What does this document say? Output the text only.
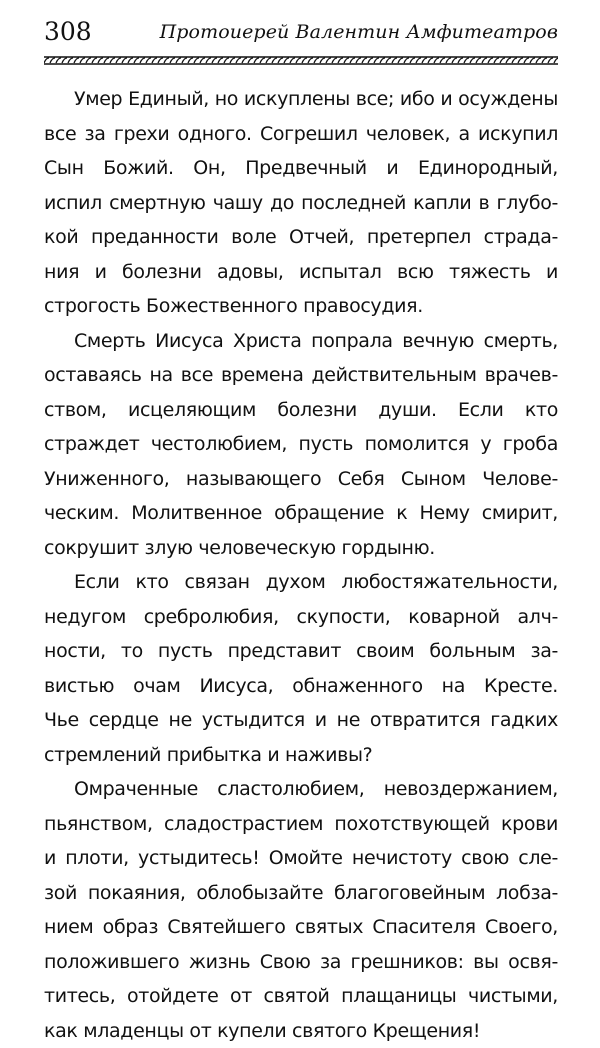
308	Протоиерей Валентин Амфитеатров
Умер Единый, но искуплены все; ибо и осуждены
все за грехи одного. Согрешил человек, а искупил
Сын Божий. Он, Предвечный и Единородный,
испил смертную чашу до последней капли в глубо-
кой преданности воле Отчей, претерпел страда-
ния и болезни адовы, испытал всю тяжесть и
строгость Божественного правосудия.
Смерть Иисуса Христа попрала вечную смерть,
оставаясь на все времена действительным врачев-
ством, исцеляющим болезни души. Если кто
страждет честолюбием, пусть помолится у гроба
Униженного, называющего Себя Сыном Челове-
ческим. Молитвенное обращение к Нему смирит,
сокрушит злую человеческую гордыню.
Если кто связан духом любостяжательности,
недугом сребролюбия, скупости, коварной алч-
ности, то пусть представит своим больным за-
вистью очам Иисуса, обнаженного на Кресте.
Чье сердце не устыдится и не отвратится гадких
стремлений прибытка и наживы?
Омраченные сластолюбием, невоздержанием,
пьянством, сладострастием похотствующей крови
и плоти, устыдитесь! Омойте нечистоту свою сле-
зой покаяния, облобызайте благоговейным лобза-
нием образ Святейшего святых Спасителя Своего,
положившего жизнь Свою за грешников: вы освя-
титесь, отойдете от святой плащаницы чистыми,
как младенцы от купели святого Крещения!
